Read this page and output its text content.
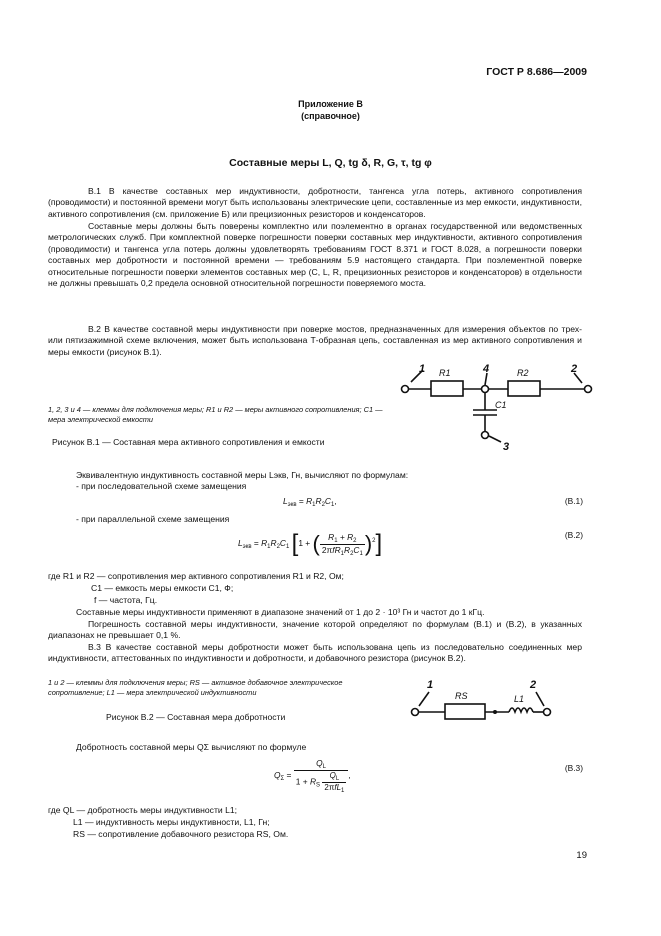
ГОСТ Р 8.686—2009
Приложение В
(справочное)
Составные меры L, Q, tg δ, R, G, τ, tg φ

В.1 В качестве составных мер индуктивности, добротности, тангенса угла потерь, активного сопротивления (проводимости) и постоянной времени могут быть использованы электрические цепи, составленные из мер емкости, индуктивности, активного сопротивления (см. приложение Б) или прецизионных резисторов и конденсаторов.

Составные меры должны быть поверены комплектно или поэлементно в органах государственной или ведомственных метрологических служб. При комплектной поверке погрешности поверки составных мер индуктивности, активного сопротивления (проводимости) и тангенса угла потерь должны удовлетворять требованиям ГОСТ 8.371 и ГОСТ 8.028, а погрешности поверки составных мер добротности и постоянной времени — требованиям 5.9 настоящего стандарта. При поэлементной поверке относительные погрешности поверки элементов составных мер (C, L, R, прецизионных резисторов и конденсаторов) в отдельности не должны превышать 0,2 предела основной относительной погрешности поверяемого моста.

В.2 В качестве составной меры индуктивности при поверке мостов, предназначенных для измерения объектов по трех- или пятизажимной схеме включения, может быть использована Т-образная цепь, составленная из мер активного сопротивления и меры емкости (рисунок В.1).

1	4	2
3
R1	R2
C1
1, 2, 3 и 4 — клеммы для подключения меры; R1 и R2 — меры активного сопротивления; C1 — мера электрической емкости
Рисунок В.1 — Составная мера активного сопротивления и емкости

Эквивалентную индуктивность составной меры Lэкв, Гн, вычисляют по формулам:

- при последовательной схеме замещения

$L_{экв} = R_1R_2C_1$,	(В.1)

- при параллельной схеме замещения

$L_{экв} = R_1R_2C_1$ [1 + ( $\frac{R_1 + R_2}{2\pi fR_1R_2C_1} )^2$]	(В.2)
где R1 и R2 — сопротивления мер активного сопротивления R1 и R2, Ом;
C1 — емкость меры емкости C1, Ф;
f — частота, Гц.

Составные меры индуктивности применяют в диапазоне значений от 1 до 2 · 10³ Гн и частот до 1 кГц.

Погрешность составной меры индуктивности, значение которой определяют по формулам (В.1) и (В.2), в указанных диапазонах не превышает 0,1 %.

В.3 В качестве составной меры добротности может быть использована цепь из последовательно соединенных мер индуктивности, аттестованных по индуктивности и добротности, и добавочного резистора (рисунок В.2).

1 и 2 — клеммы для подключения меры; RS — активное добавочное электрическое сопротивление; L1 — мера электрической индуктивности
Рисунок В.2 — Составная мера добротности
1	2
RS	L1

Добротность составной меры QΣ вычисляют по формуле

$Q_\Sigma = \frac{Q_L}{1 + R_S \frac{Q_L}{2\pi fL_1}}$ ,
(В.3)
где QL — добротность меры индуктивности L1;
L1 — индуктивность меры индуктивности, L1, Гн;
RS — сопротивление добавочного резистора RS, Ом.
19
